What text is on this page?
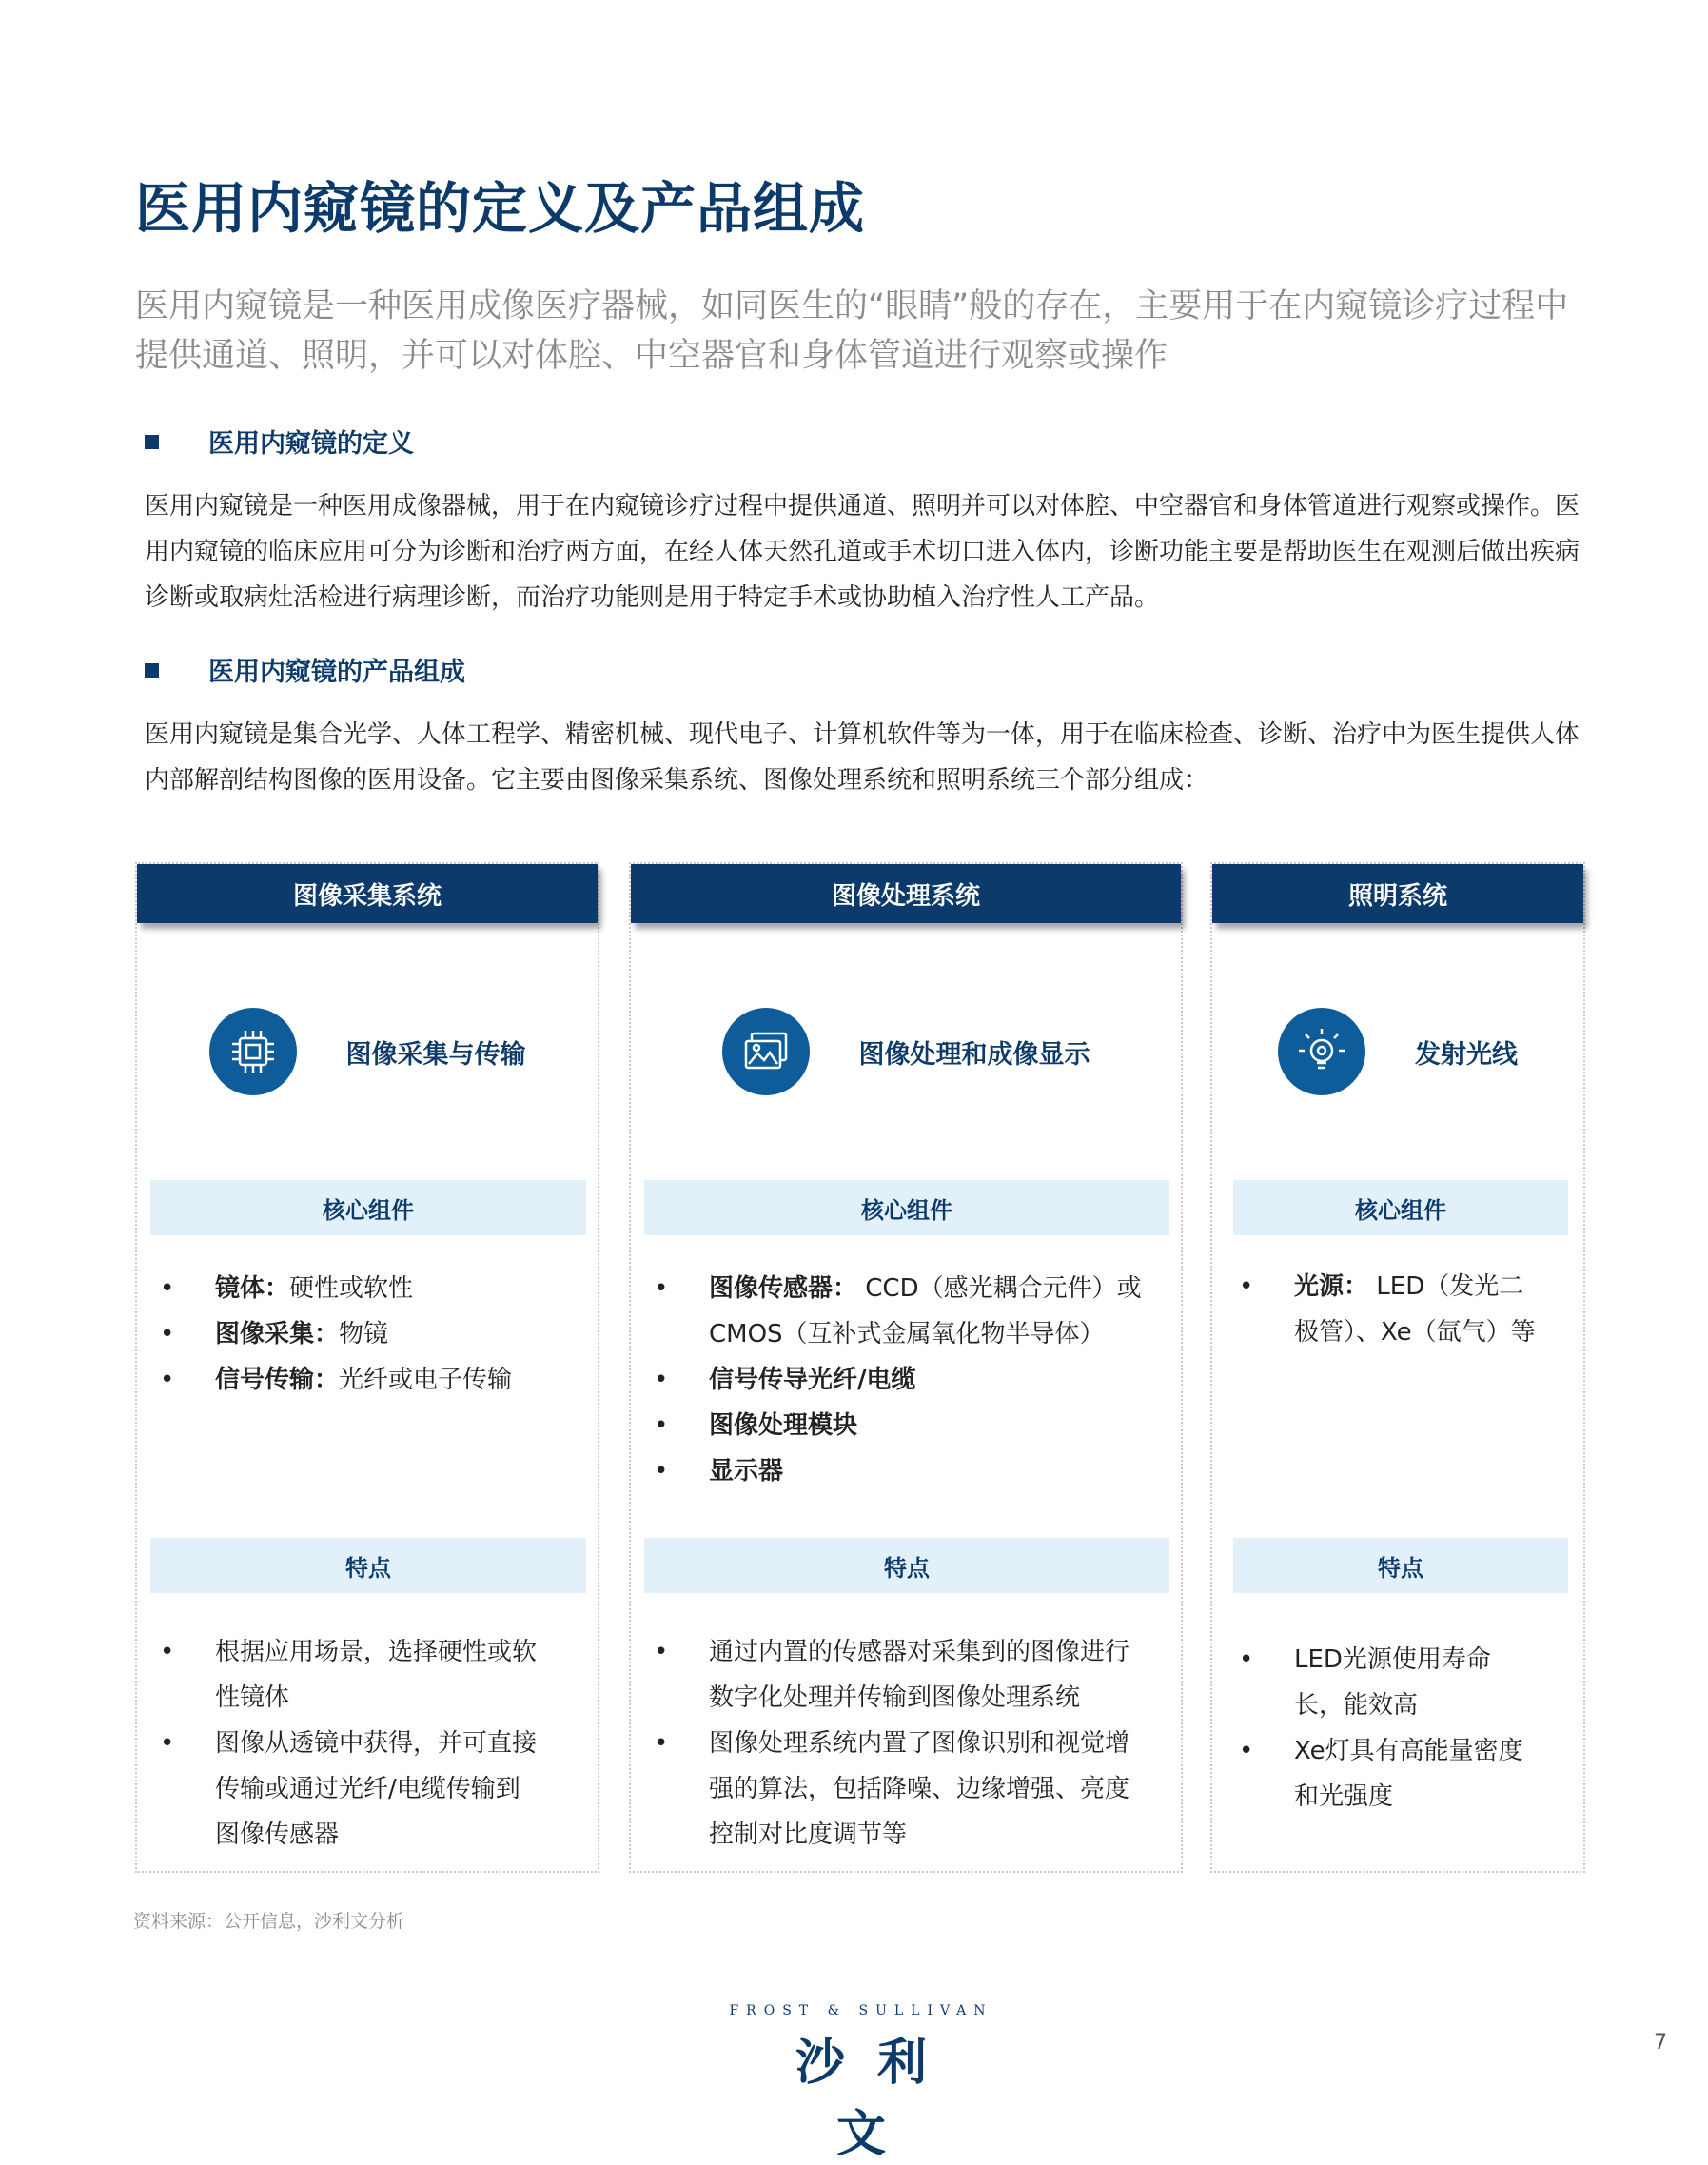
医用内窥镜的定义及产品组成
医用内窥镜是一种医用成像医疗器械，如同医生的“眼睛”般的存在，主要用于在内窥镜诊疗过程中提供通道、照明，并可以对体腔、中空器官和身体管道进行观察或操作
医用内窥镜的定义
医用内窥镜是一种医用成像器械，用于在内窥镜诊疗过程中提供通道、照明并可以对体腔、中空器官和身体管道进行观察或操作。医用内窥镜的临床应用可分为诊断和治疗两方面，在经人体天然孔道或手术切口进入体内，诊断功能主要是帮助医生在观测后做出疾病诊断或取病灶活检进行病理诊断，而治疗功能则是用于特定手术或协助植入治疗性人工产品。
医用内窥镜的产品组成
医用内窥镜是集合光学、人体工程学、精密机械、现代电子、计算机软件等为一体，用于在临床检查、诊断、治疗中为医生提供人体内部解剖结构图像的医用设备。它主要由图像采集系统、图像处理系统和照明系统三个部分组成：
图像采集系统
图像采集与传输
核心组件
• 镜体：硬性或软性
• 图像采集：物镜
• 信号传输：光纤或电子传输
特点
• 根据应用场景，选择硬性或软性镜体
• 图像从透镜中获得，并可直接传输或通过光纤/电缆传输到图像传感器
图像处理系统
图像处理和成像显示
核心组件
• 图像传感器： CCD（感光耦合元件）或CMOS（互补式金属氧化物半导体）
• 信号传导光纤/电缆
• 图像处理模块
• 显示器
特点
• 通过内置的传感器对采集到的图像进行数字化处理并传输到图像处理系统
• 图像处理系统内置了图像识别和视觉增强的算法，包括降噪、边缘增强、亮度控制对比度调节等
照明系统
发射光线
核心组件
• 光源： LED（发光二极管）、Xe（氙气）等
特点
• LED光源使用寿命长，能效高
• Xe灯具有高能量密度和光强度
资料来源：公开信息，沙利文分析
FROST & SULLIVAN
沙利文
7
